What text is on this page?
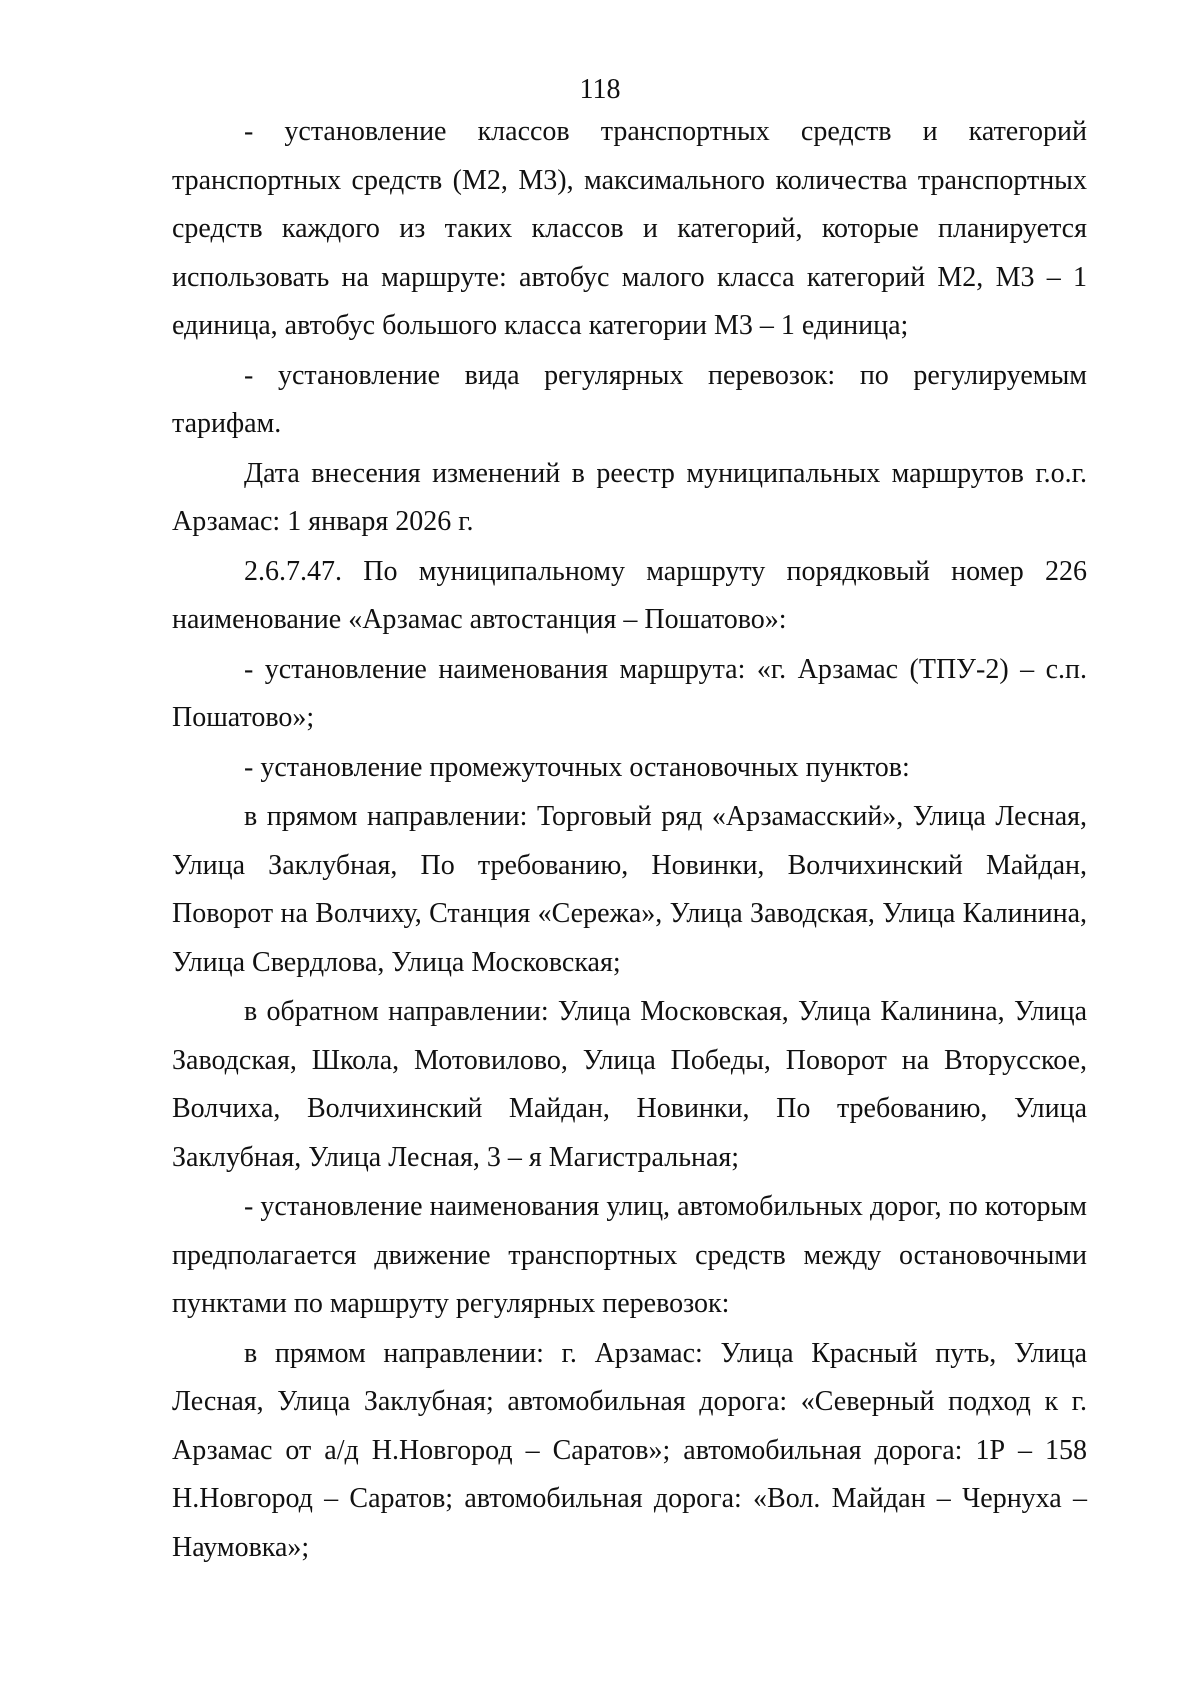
118

- установление классов транспортных средств и категорий транспортных средств (М2, М3), максимального количества транспортных средств каждого из таких классов и категорий, которые планируется использовать на маршруте: автобус малого класса категорий М2, М3 – 1 единица, автобус большого класса категории М3 – 1 единица;

- установление вида регулярных перевозок: по регулируемым тарифам.

Дата внесения изменений в реестр муниципальных маршрутов г.о.г. Арзамас: 1 января 2026 г.

2.6.7.47. По муниципальному маршруту порядковый номер 226 наименование «Арзамас автостанция – Пошатово»:

- установление наименования маршрута: «г. Арзамас (ТПУ-2) – с.п. Пошатово»;

- установление промежуточных остановочных пунктов:

в прямом направлении: Торговый ряд «Арзамасский», Улица Лесная, Улица Заклубная, По требованию, Новинки, Волчихинский Майдан, Поворот на Волчиху, Станция «Сережа», Улица Заводская, Улица Калинина, Улица Свердлова, Улица Московская;

в обратном направлении: Улица Московская, Улица Калинина, Улица Заводская, Школа, Мотовилово, Улица Победы, Поворот на Вторусское, Волчиха, Волчихинский Майдан, Новинки, По требованию, Улица Заклубная, Улица Лесная, 3 – я Магистральная;

- установление наименования улиц, автомобильных дорог, по которым предполагается движение транспортных средств между остановочными пунктами по маршруту регулярных перевозок:

в прямом направлении: г. Арзамас: Улица Красный путь, Улица Лесная, Улица Заклубная; автомобильная дорога: «Северный подход к г. Арзамас от а/д Н.Новгород – Саратов»; автомобильная дорога: 1Р – 158 Н.Новгород – Саратов; автомобильная дорога: «Вол. Майдан – Чернуха – Наумовка»;
